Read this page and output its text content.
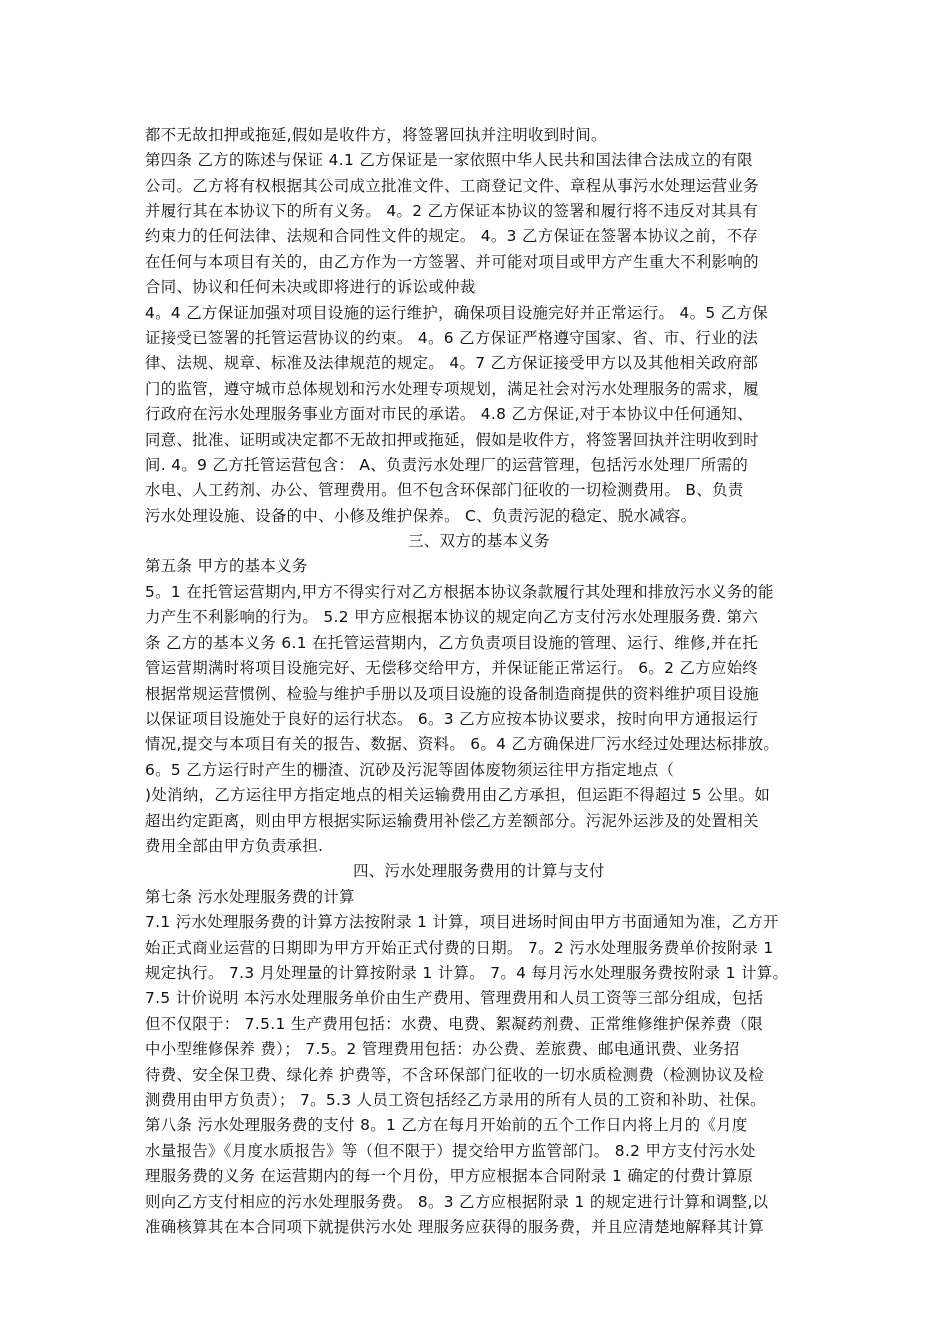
都不无故扣押或拖延,假如是收件方，将签署回执并注明收到时间。
第四条 乙方的陈述与保证 4.1 乙方保证是一家依照中华人民共和国法律合法成立的有限
公司。乙方将有权根据其公司成立批准文件、工商登记文件、章程从事污水处理运营业务
并履行其在本协议下的所有义务。 4。2 乙方保证本协议的签署和履行将不违反对其具有
约束力的任何法律、法规和合同性文件的规定。 4。3 乙方保证在签署本协议之前，不存
在任何与本项目有关的，由乙方作为一方签署、并可能对项目或甲方产生重大不利影响的
合同、协议和任何未决或即将进行的诉讼或仲裁
4。4 乙方保证加强对项目设施的运行维护，确保项目设施完好并正常运行。 4。5 乙方保
证接受已签署的托管运营协议的约束。 4。6 乙方保证严格遵守国家、省、市、行业的法
律、法规、规章、标准及法律规范的规定。 4。7 乙方保证接受甲方以及其他相关政府部
门的监管，遵守城市总体规划和污水处理专项规划，满足社会对污水处理服务的需求，履
行政府在污水处理服务事业方面对市民的承诺。 4.8 乙方保证,对于本协议中任何通知、
同意、批准、证明或决定都不无故扣押或拖延，假如是收件方，将签署回执并注明收到时
间. 4。9 乙方托管运营包含： A、负责污水处理厂的运营管理，包括污水处理厂所需的
水电、人工药剂、办公、管理费用。但不包含环保部门征收的一切检测费用。 B、负责
污水处理设施、设备的中、小修及维护保养。 C、负责污泥的稳定、脱水减容。
三、双方的基本义务
第五条 甲方的基本义务
5。1 在托管运营期内,甲方不得实行对乙方根据本协议条款履行其处理和排放污水义务的能
力产生不利影响的行为。 5.2 甲方应根据本协议的规定向乙方支付污水处理服务费. 第六
条 乙方的基本义务 6.1 在托管运营期内，乙方负责项目设施的管理、运行、维修,并在托
管运营期满时将项目设施完好、无偿移交给甲方，并保证能正常运行。 6。2 乙方应始终
根据常规运营惯例、检验与维护手册以及项目设施的设备制造商提供的资料维护项目设施
以保证项目设施处于良好的运行状态。 6。3 乙方应按本协议要求，按时向甲方通报运行
情况,提交与本项目有关的报告、数据、资料。 6。4 乙方确保进厂污水经过处理达标排放。
6。5 乙方运行时产生的栅渣、沉砂及污泥等固体废物须运往甲方指定地点（
)处消纳，乙方运往甲方指定地点的相关运输费用由乙方承担，但运距不得超过 5 公里。如
超出约定距离，则由甲方根据实际运输费用补偿乙方差额部分。污泥外运涉及的处置相关
费用全部由甲方负责承担.
四、污水处理服务费用的计算与支付
第七条 污水处理服务费的计算
7.1 污水处理服务费的计算方法按附录 1 计算，项目进场时间由甲方书面通知为准，乙方开
始正式商业运营的日期即为甲方开始正式付费的日期。 7。2 污水处理服务费单价按附录 1
规定执行。 7.3 月处理量的计算按附录 1 计算。 7。4 每月污水处理服务费按附录 1 计算。
7.5 计价说明 本污水处理服务单价由生产费用、管理费用和人员工资等三部分组成，包括
但不仅限于： 7.5.1 生产费用包括：水费、电费、絮凝药剂费、正常维修维护保养费（限
中小型维修保养 费）； 7.5。2 管理费用包括：办公费、差旅费、邮电通讯费、业务招
待费、安全保卫费、绿化养 护费等，不含环保部门征收的一切水质检测费（检测协议及检
测费用由甲方负责）； 7。5.3 人员工资包括经乙方录用的所有人员的工资和补助、社保。
第八条 污水处理服务费的支付 8。1 乙方在每月开始前的五个工作日内将上月的《月度
水量报告》《月度水质报告》等（但不限于）提交给甲方监管部门。 8.2 甲方支付污水处
理服务费的义务 在运营期内的每一个月份，甲方应根据本合同附录 1 确定的付费计算原
则向乙方支付相应的污水处理服务费。 8。3 乙方应根据附录 1 的规定进行计算和调整,以
准确核算其在本合同项下就提供污水处 理服务应获得的服务费，并且应清楚地解释其计算
